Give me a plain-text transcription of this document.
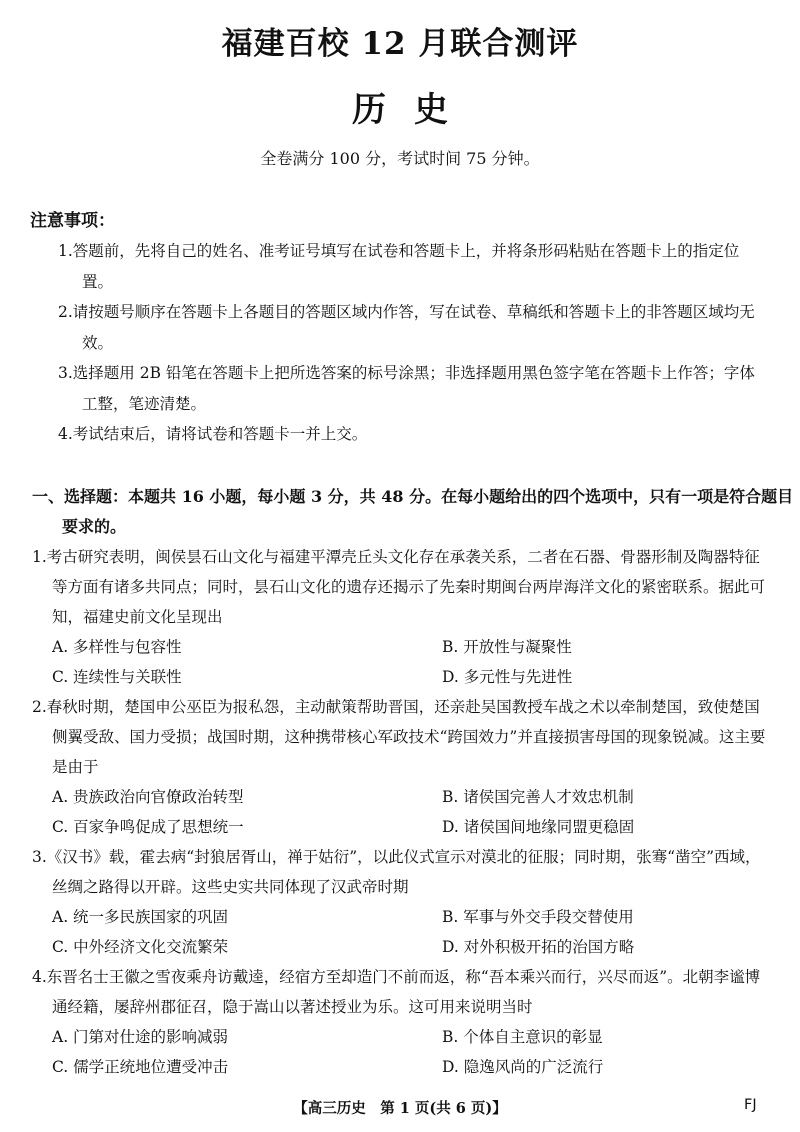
福建百校 12 月联合测评
历史
全卷满分 100 分，考试时间 75 分钟。
注意事项：

1.答题前，先将自己的姓名、准考证号填写在试卷和答题卡上，并将条形码粘贴在答题卡上的指定位置。

2.请按题号顺序在答题卡上各题目的答题区域内作答，写在试卷、草稿纸和答题卡上的非答题区域均无效。

3.选择题用 2B 铅笔在答题卡上把所选答案的标号涂黑；非选择题用黑色签字笔在答题卡上作答；字体工整，笔迹清楚。

4.考试结束后，请将试卷和答题卡一并上交。

一、选择题：本题共 16 小题，每小题 3 分，共 48 分。在每小题给出的四个选项中，只有一项是符合题目要求的。
1.考古研究表明，闽侯昙石山文化与福建平潭壳丘头文化存在承袭关系，二者在石器、骨器形制及陶器特征等方面有诸多共同点；同时，昙石山文化的遗存还揭示了先秦时期闽台两岸海洋文化的紧密联系。据此可知，福建史前文化呈现出
A. 多样性与包容性	B. 开放性与凝聚性
C. 连续性与关联性	D. 多元性与先进性
2.春秋时期，楚国申公巫臣为报私怨，主动献策帮助晋国，还亲赴吴国教授车战之术以牵制楚国，致使楚国侧翼受敌、国力受损；战国时期，这种携带核心军政技术“跨国效力”并直接损害母国的现象锐减。这主要是由于
A. 贵族政治向官僚政治转型	B. 诸侯国完善人才效忠机制
C. 百家争鸣促成了思想统一	D. 诸侯国间地缘同盟更稳固
3.《汉书》载，霍去病“封狼居胥山，禅于姑衍”，以此仪式宣示对漠北的征服；同时期，张骞“凿空”西域，丝绸之路得以开辟。这些史实共同体现了汉武帝时期
A. 统一多民族国家的巩固	B. 军事与外交手段交替使用
C. 中外经济文化交流繁荣	D. 对外积极开拓的治国方略
4.东晋名士王徽之雪夜乘舟访戴逵，经宿方至却造门不前而返，称“吾本乘兴而行，兴尽而返”。北朝李谧博通经籍，屡辞州郡征召，隐于嵩山以著述授业为乐。这可用来说明当时
A. 门第对仕途的影响减弱	B. 个体自主意识的彰显
C. 儒学正统地位遭受冲击	D. 隐逸风尚的广泛流行
【高三历史　第 1 页(共 6 页)】	FJ
